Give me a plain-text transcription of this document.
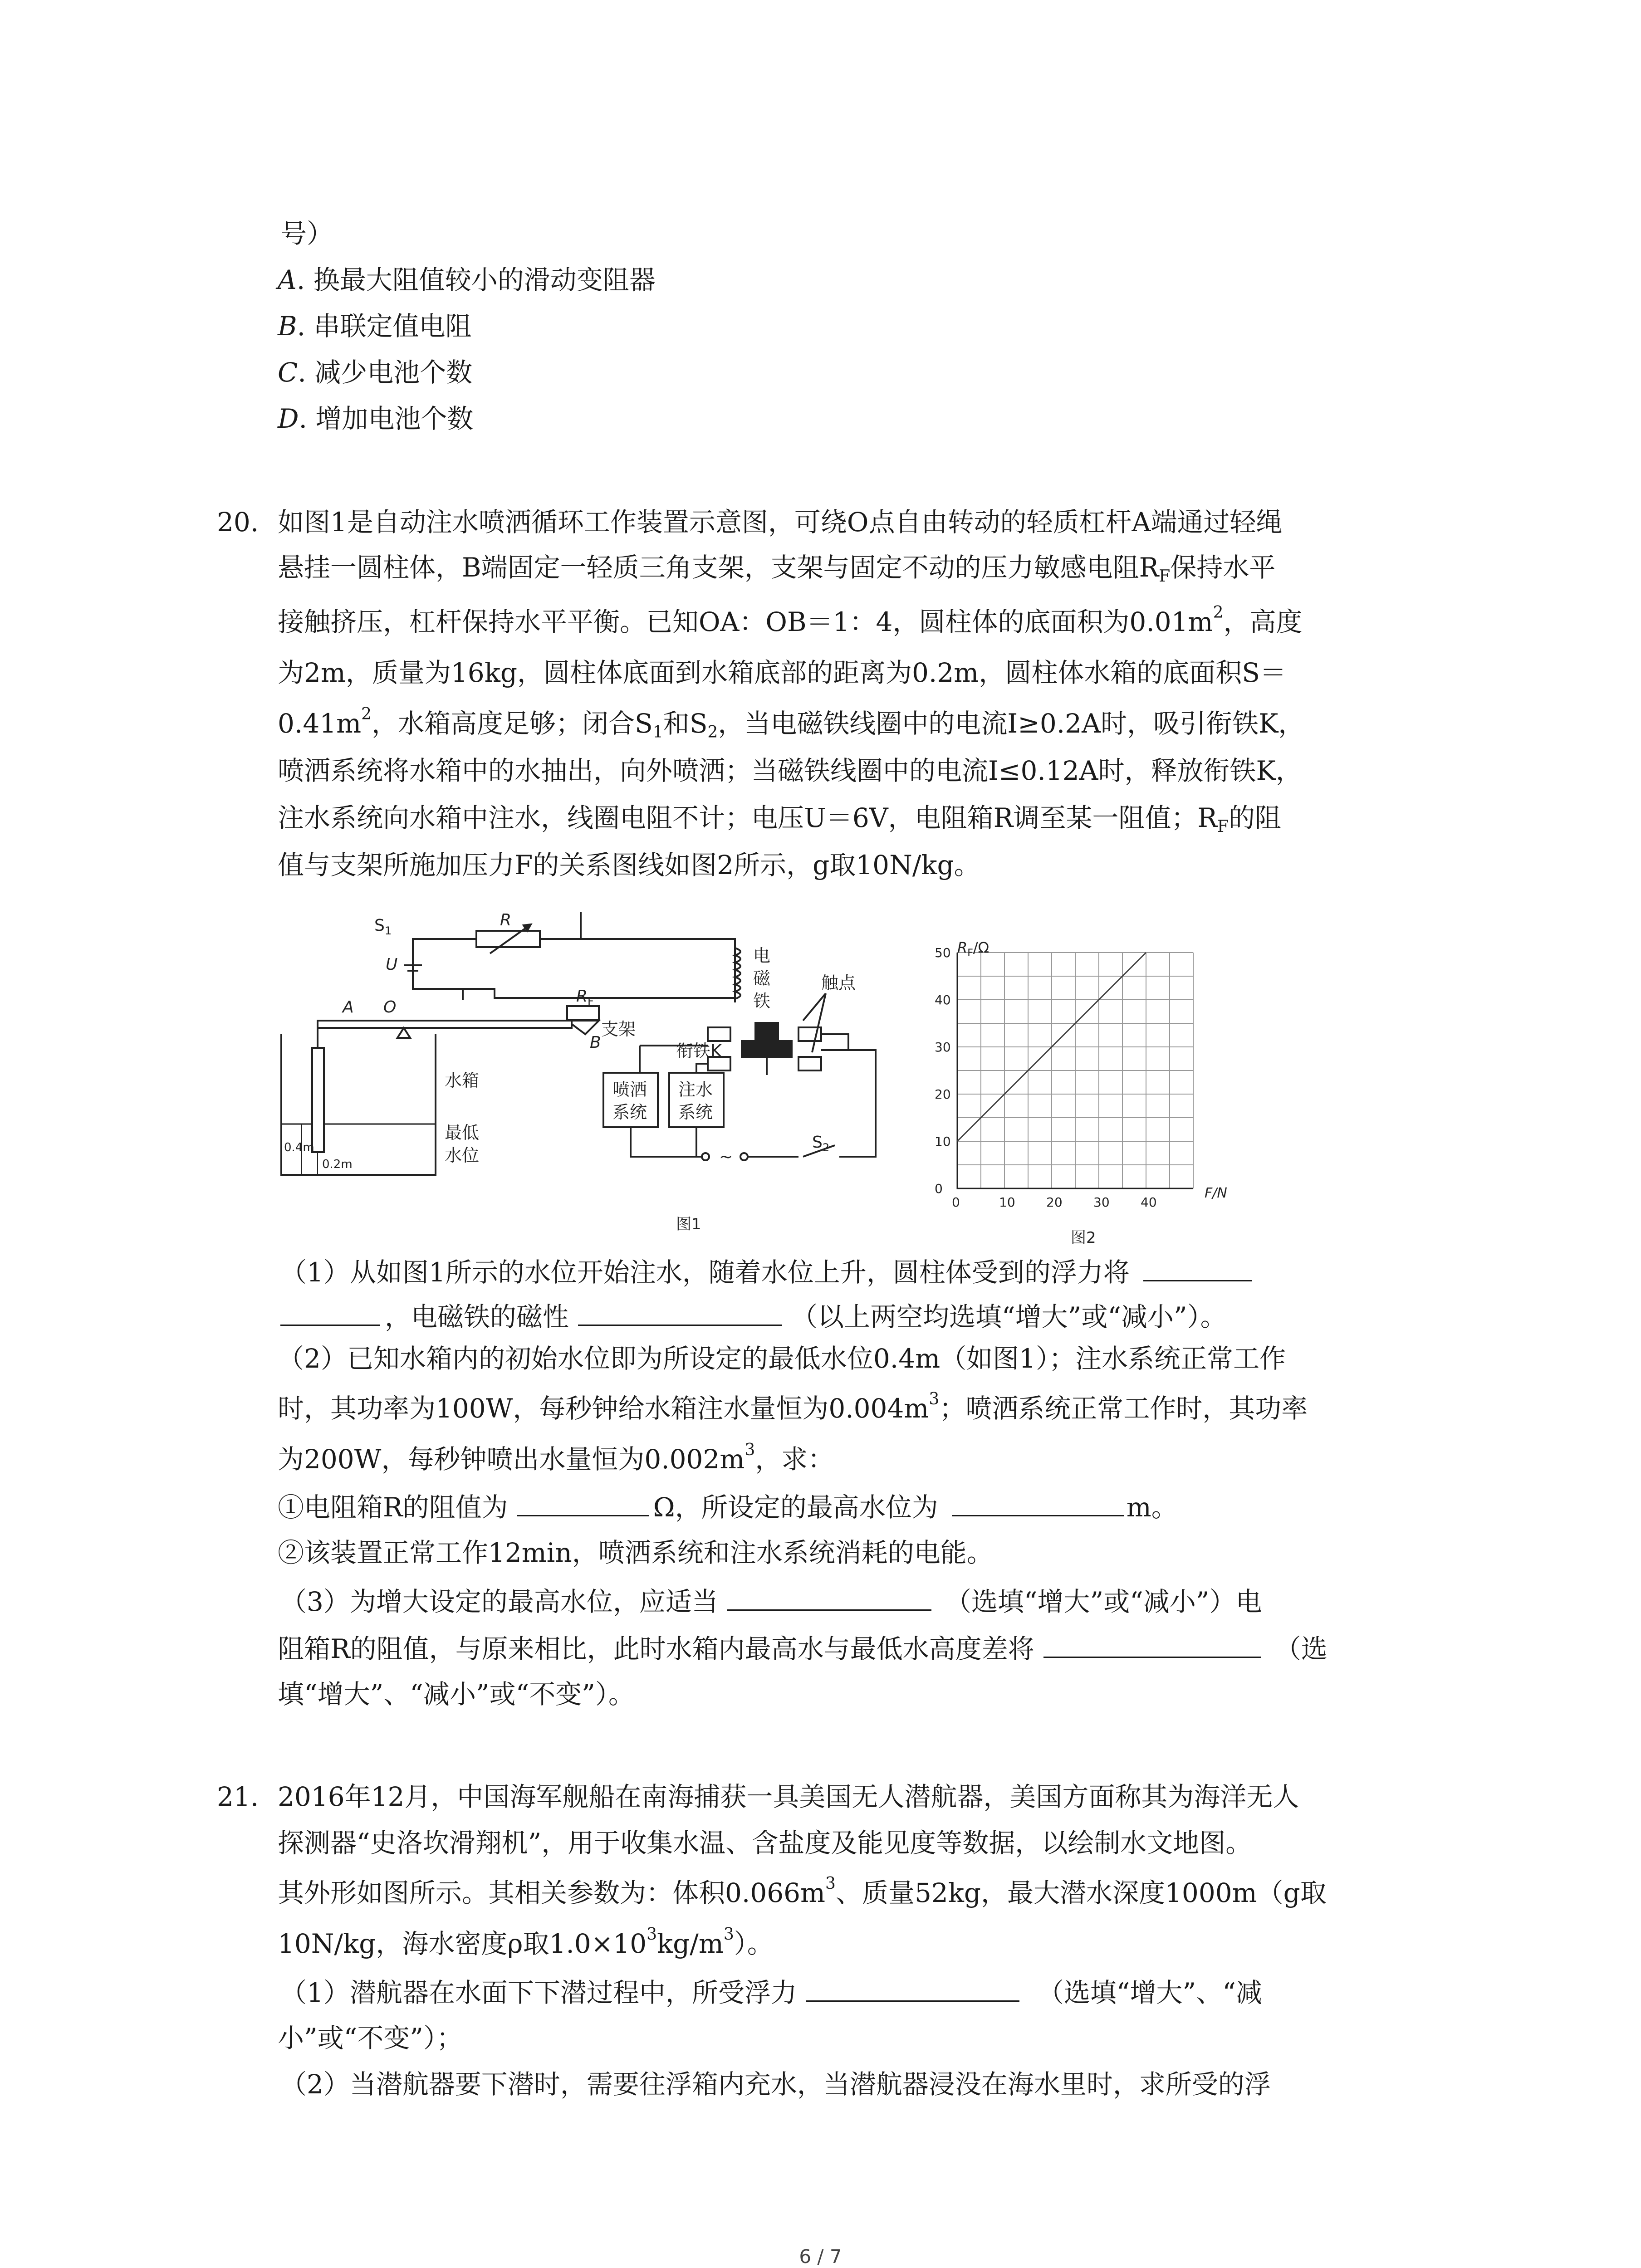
号）
A. 换最大阻值较小的滑动变阻器
B. 串联定值电阻
C. 减少电池个数
D. 增加电池个数
20. 如图1是自动注水喷洒循环工作装置示意图，可绕O点自由转动的轻质杠杆A端通过轻绳
悬挂一圆柱体，B端固定一轻质三角支架，支架与固定不动的压力敏感电阻RF保持水平
接触挤压，杠杆保持水平平衡。已知OA：OB＝1：4，圆柱体的底面积为$0.01m^2$，高度
为2m，质量为16kg，圆柱体底面到水箱底部的距离为0.2m，圆柱体水箱的底面积S＝
$0.41m^2$，水箱高度足够；闭合S1和S2，当电磁铁线圈中的电流I≥0.2A时，吸引衔铁K，
喷洒系统将水箱中的水抽出，向外喷洒；当磁铁线圈中的电流I≤0.12A时，释放衔铁K，
注水系统向水箱中注水，线圈电阻不计；电压U＝6V，电阻箱R调至某一阻值；RF的阻
值与支架所施加压力F的关系图线如图2所示，g取10N/kg。
$S_1$
R
U
$R_F$
电
磁
铁
触点
衔铁K
支架
A O
B
喷洒
系统
注水
系统
水箱
最低
水位
0.4m
0.2m	~
$S_2$
图1
0	10 20 30 40
0
10
20
30
40
50 $R_F/\Omega$
F/N
图2
（1）从如图1所示的水位开始注水，随着水位上升，圆柱体受到的浮力将
，电磁铁的磁性	（以上两空均选填“增大”或“减小”）。
（2）已知水箱内的初始水位即为所设定的最低水位0.4m（如图1）；注水系统正常工作
时，其功率为100W，每秒钟给水箱注水量恒为$0.004m^3$；喷洒系统正常工作时，其功率
为200W，每秒钟喷出水量恒为$0.002m^3$，求：
①电阻箱R的阻值为	Ω，所设定的最高水位为	m。
②该装置正常工作12min，喷洒系统和注水系统消耗的电能。
（3）为增大设定的最高水位，应适当	（选填“增大”或“减小”）电
阻箱R的阻值，与原来相比，此时水箱内最高水与最低水高度差将	（选
填“增大”、“减小”或“不变”）。
21. 2016年12月，中国海军舰船在南海捕获一具美国无人潜航器，美国方面称其为海洋无人
探测器“史洛坎滑翔机”，用于收集水温、含盐度及能见度等数据，以绘制水文地图。
其外形如图所示。其相关参数为：体积$0.066m^3$、质量52kg，最大潜水深度1000m（g取
10N/kg，海水密度ρ取$1.0\times 10^3kg/m^3$）。
（1）潜航器在水面下下潜过程中，所受浮力	（选填“增大”、“减
小”或“不变”）；
（2）当潜航器要下潜时，需要往浮箱内充水，当潜航器浸没在海水里时，求所受的浮
6 / 7
